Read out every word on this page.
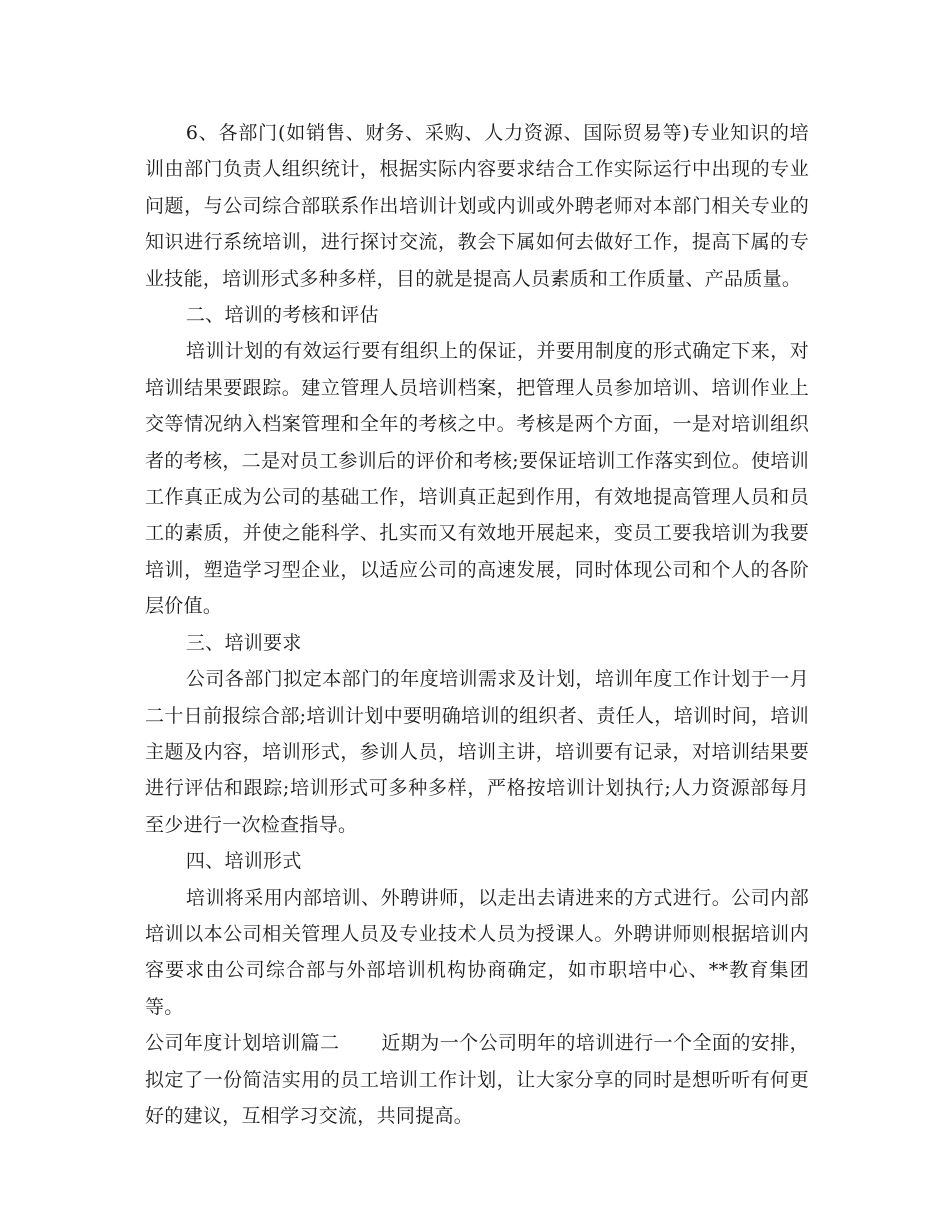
6、各部门(如销售、财务、采购、人力资源、国际贸易等)专业知识的培训由部门负责人组织统计，根据实际内容要求结合工作实际运行中出现的专业问题，与公司综合部联系作出培训计划或内训或外聘老师对本部门相关专业的知识进行系统培训，进行探讨交流，教会下属如何去做好工作，提高下属的专业技能，培训形式多种多样，目的就是提高人员素质和工作质量、产品质量。

二、培训的考核和评估

培训计划的有效运行要有组织上的保证，并要用制度的形式确定下来，对培训结果要跟踪。建立管理人员培训档案，把管理人员参加培训、培训作业上交等情况纳入档案管理和全年的考核之中。考核是两个方面，一是对培训组织者的考核，二是对员工参训后的评价和考核;要保证培训工作落实到位。使培训工作真正成为公司的基础工作，培训真正起到作用，有效地提高管理人员和员工的素质，并使之能科学、扎实而又有效地开展起来，变员工要我培训为我要培训，塑造学习型企业，以适应公司的高速发展，同时体现公司和个人的各阶层价值。

三、培训要求

公司各部门拟定本部门的年度培训需求及计划，培训年度工作计划于一月二十日前报综合部;培训计划中要明确培训的组织者、责任人，培训时间，培训主题及内容，培训形式，参训人员，培训主讲，培训要有记录，对培训结果要进行评估和跟踪;培训形式可多种多样，严格按培训计划执行;人力资源部每月至少进行一次检查指导。

四、培训形式

培训将采用内部培训、外聘讲师，以走出去请进来的方式进行。公司内部培训以本公司相关管理人员及专业技术人员为授课人。外聘讲师则根据培训内容要求由公司综合部与外部培训机构协商确定，如市职培中心、**教育集团等。

公司年度计划培训篇二 近期为一个公司明年的培训进行一个全面的安排，拟定了一份简洁实用的员工培训工作计划，让大家分享的同时是想听听有何更好的建议，互相学习交流，共同提高。
